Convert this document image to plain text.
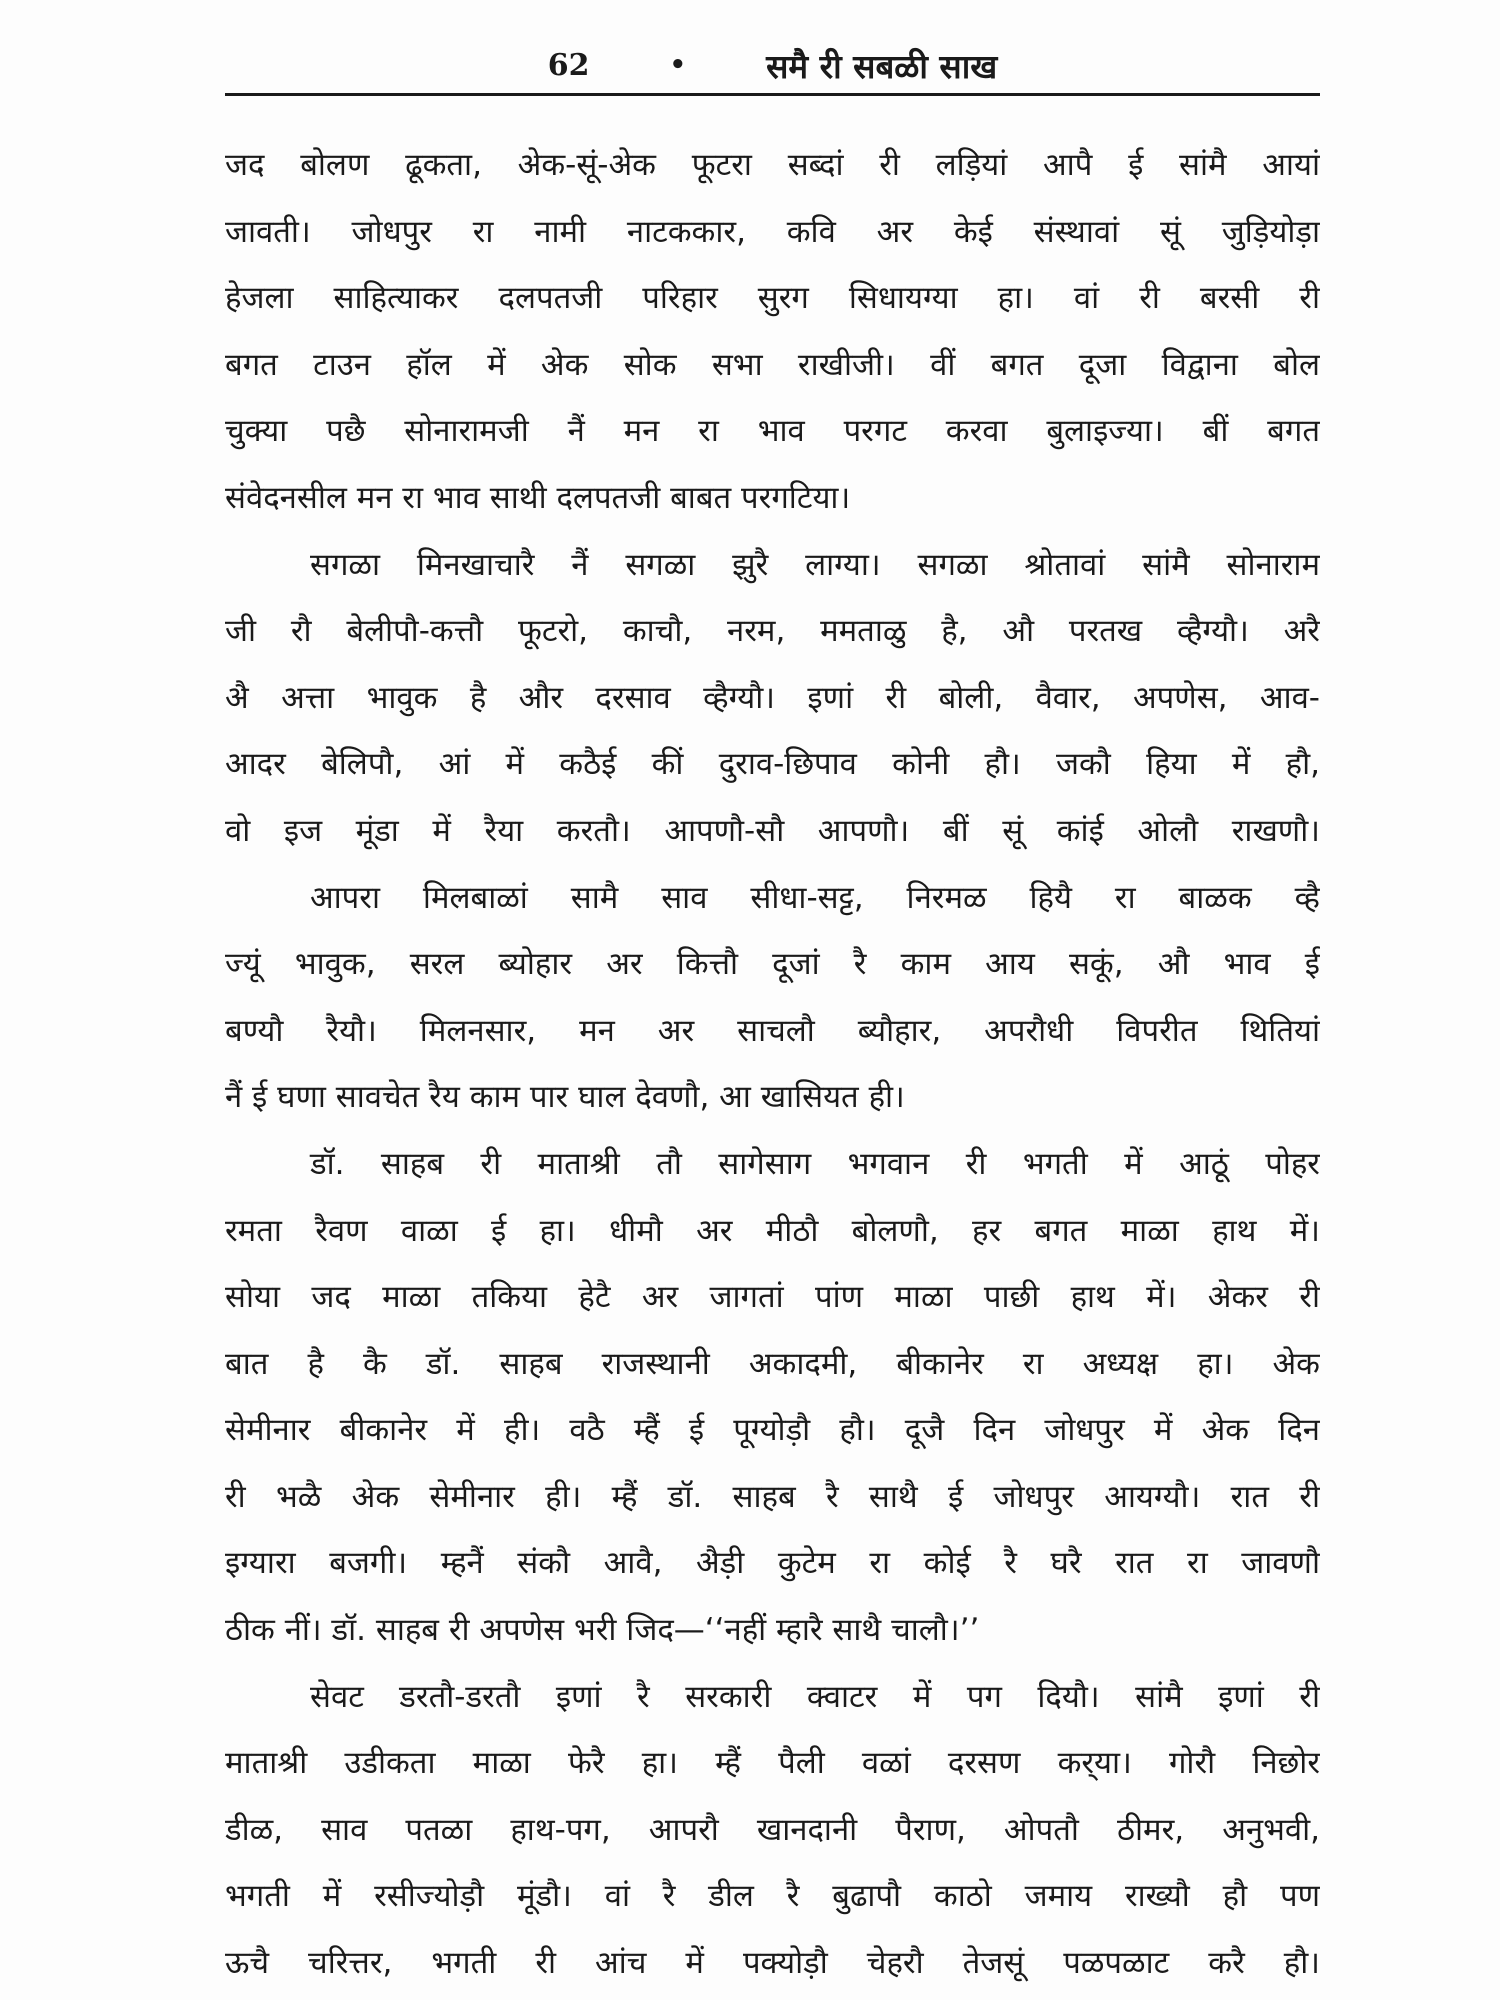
62	• समै री सबळी साख

जद बोलण ढूकता, अेक-सूं-अेक फूटरा सब्दां री लड़ियां आपै ई सांमै आयां
जावती। जोधपुर रा नामी नाटककार, कवि अर केई संस्थावां सूं जुड़ियोड़ा
हेजला साहित्याकर दलपतजी परिहार सुरग सिधायग्या हा। वां री बरसी री
बगत टाउन हॉल में अेक सोक सभा राखीजी। वीं बगत दूजा विद्वाना बोल
चुक्या पछै सोनारामजी नैं मन रा भाव परगट करवा बुलाइज्या। बीं बगत
संवेदनसील मन रा भाव साथी दलपतजी बाबत परगटिया।

सगळा मिनखाचारै नैं सगळा झुरै लाग्या। सगळा श्रोतावां सांमै सोनाराम
जी रौ बेलीपौ-कत्तौ फूटरो, काचौ, नरम, ममताळु है, औ परतख व्हैग्यौ। अरै
अै अत्ता भावुक है और दरसाव व्हैग्यौ। इणां री बोली, वैवार, अपणेस, आव-
आदर बेलिपौ, आं में कठैई कीं दुराव-छिपाव कोनी हौ। जकौ हिया में हौ,
वो इज मूंडा में रैया करतौ। आपणौ-सौ आपणौ। बीं सूं कांई ओलौ राखणौ।

आपरा मिलबाळां सामै साव सीधा-सट्ट, निरमळ हियै रा बाळक व्है
ज्यूं भावुक, सरल ब्योहार अर कित्तौ दूजां रै काम आय सकूं, औ भाव ई
बण्यौ रैयौ। मिलनसार, मन अर साचलौ ब्यौहार, अपरौधी विपरीत थितियां
नैं ई घणा सावचेत रैय काम पार घाल देवणौ, आ खासियत ही।

डॉ. साहब री माताश्री तौ सागेसाग भगवान री भगती में आठूं पोहर
रमता रैवण वाळा ई हा। धीमौ अर मीठौ बोलणौ, हर बगत माळा हाथ में।
सोया जद माळा तकिया हेटै अर जागतां पांण माळा पाछी हाथ में। अेकर री
बात है कै डॉ. साहब राजस्थानी अकादमी, बीकानेर रा अध्यक्ष हा। अेक
सेमीनार बीकानेर में ही। वठै म्हैं ई पूग्योड़ौ हौ। दूजै दिन जोधपुर में अेक दिन
री भळै अेक सेमीनार ही। म्हैं डॉ. साहब रै साथै ई जोधपुर आयग्यौ। रात री
इग्यारा बजगी। म्हनैं संकौ आवै, अैड़ी कुटेम रा कोई रै घरै रात रा जावणौ
ठीक नीं। डॉ. साहब री अपणेस भरी जिद—‘‘नहीं म्हारै साथै चालौ।’’

सेवट डरतौ-डरतौ इणां रै सरकारी क्वाटर में पग दियौ। सांमै इणां री
माताश्री उडीकता माळा फेरै हा। म्हैं पैली वळां दरसण कर्‌या। गोरौ निछोर
डीळ, साव पतळा हाथ-पग, आपरौ खानदानी पैराण, ओपतौ ठीमर, अनुभवी,
भगती में रसीज्योड़ौ मूंडौ। वां रै डील रै बुढापौ काठो जमाय राख्यौ हौ पण
ऊचै चरित्तर, भगती री आंच में पक्योड़ौ चेहरौ तेजसूं पळपळाट करै हौ।
